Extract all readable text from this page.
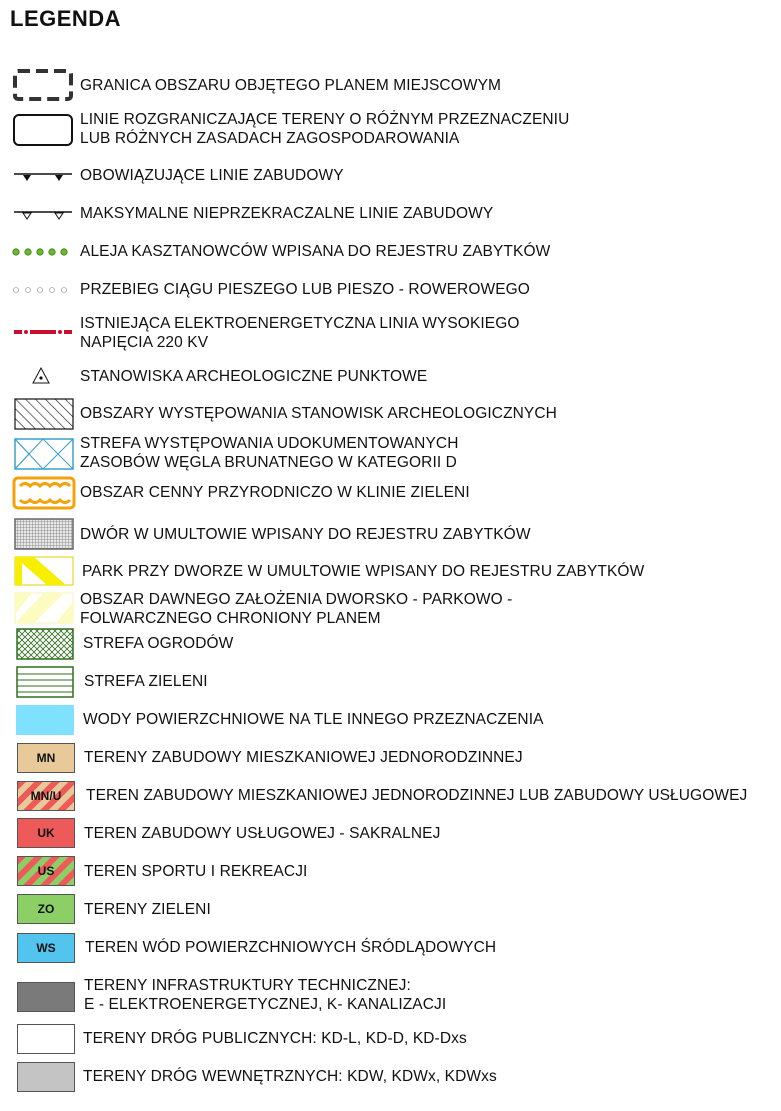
LEGENDA
GRANICA OBSZARU OBJĘTEGO PLANEM MIEJSCOWYM
LINIE ROZGRANICZAJĄCE TERENY O RÓŻNYM PRZEZNACZENIU
LUB RÓŻNYCH ZASADACH ZAGOSPODAROWANIA
OBOWIĄZUJĄCE LINIE ZABUDOWY
MAKSYMALNE NIEPRZEKRACZALNE LINIE ZABUDOWY
ALEJA KASZTANOWCÓW WPISANA DO REJESTRU ZABYTKÓW
PRZEBIEG CIĄGU PIESZEGO LUB PIESZO - ROWEROWEGO
ISTNIEJĄCA ELEKTROENERGETYCZNA LINIA WYSOKIEGO
NAPIĘCIA 220 KV
STANOWISKA ARCHEOLOGICZNE PUNKTOWE
OBSZARY WYSTĘPOWANIA STANOWISK ARCHEOLOGICZNYCH
STREFA WYSTĘPOWANIA UDOKUMENTOWANYCH
ZASOBÓW WĘGLA BRUNATNEGO W KATEGORII D
OBSZAR CENNY PRZYRODNICZO W KLINIE ZIELENI
DWÓR W UMULTOWIE WPISANY DO REJESTRU ZABYTKÓW
PARK PRZY DWORZE W UMULTOWIE WPISANY DO REJESTRU ZABYTKÓW
OBSZAR DAWNEGO ZAŁOŻENIA DWORSKO - PARKOWO -
FOLWARCZNEGO CHRONIONY PLANEM
STREFA OGRODÓW
STREFA ZIELENI
WODY POWIERZCHNIOWE NA TLE INNEGO PRZEZNACZENIA
MN	TERENY ZABUDOWY MIESZKANIOWEJ JEDNORODZINNEJ
MN/U	TEREN ZABUDOWY MIESZKANIOWEJ JEDNORODZINNEJ LUB ZABUDOWY USŁUGOWEJ
UK	TEREN ZABUDOWY USŁUGOWEJ - SAKRALNEJ
US	TEREN SPORTU I REKREACJI
ZO	TERENY ZIELENI
WS	TEREN WÓD POWIERZCHNIOWYCH ŚRÓDLĄDOWYCH
TERENY INFRASTRUKTURY TECHNICZNEJ:
E - ELEKTROENERGETYCZNEJ, K- KANALIZACJI
TERENY DRÓG PUBLICZNYCH: KD-L, KD-D, KD-Dxs
TERENY DRÓG WEWNĘTRZNYCH: KDW, KDWx, KDWxs
